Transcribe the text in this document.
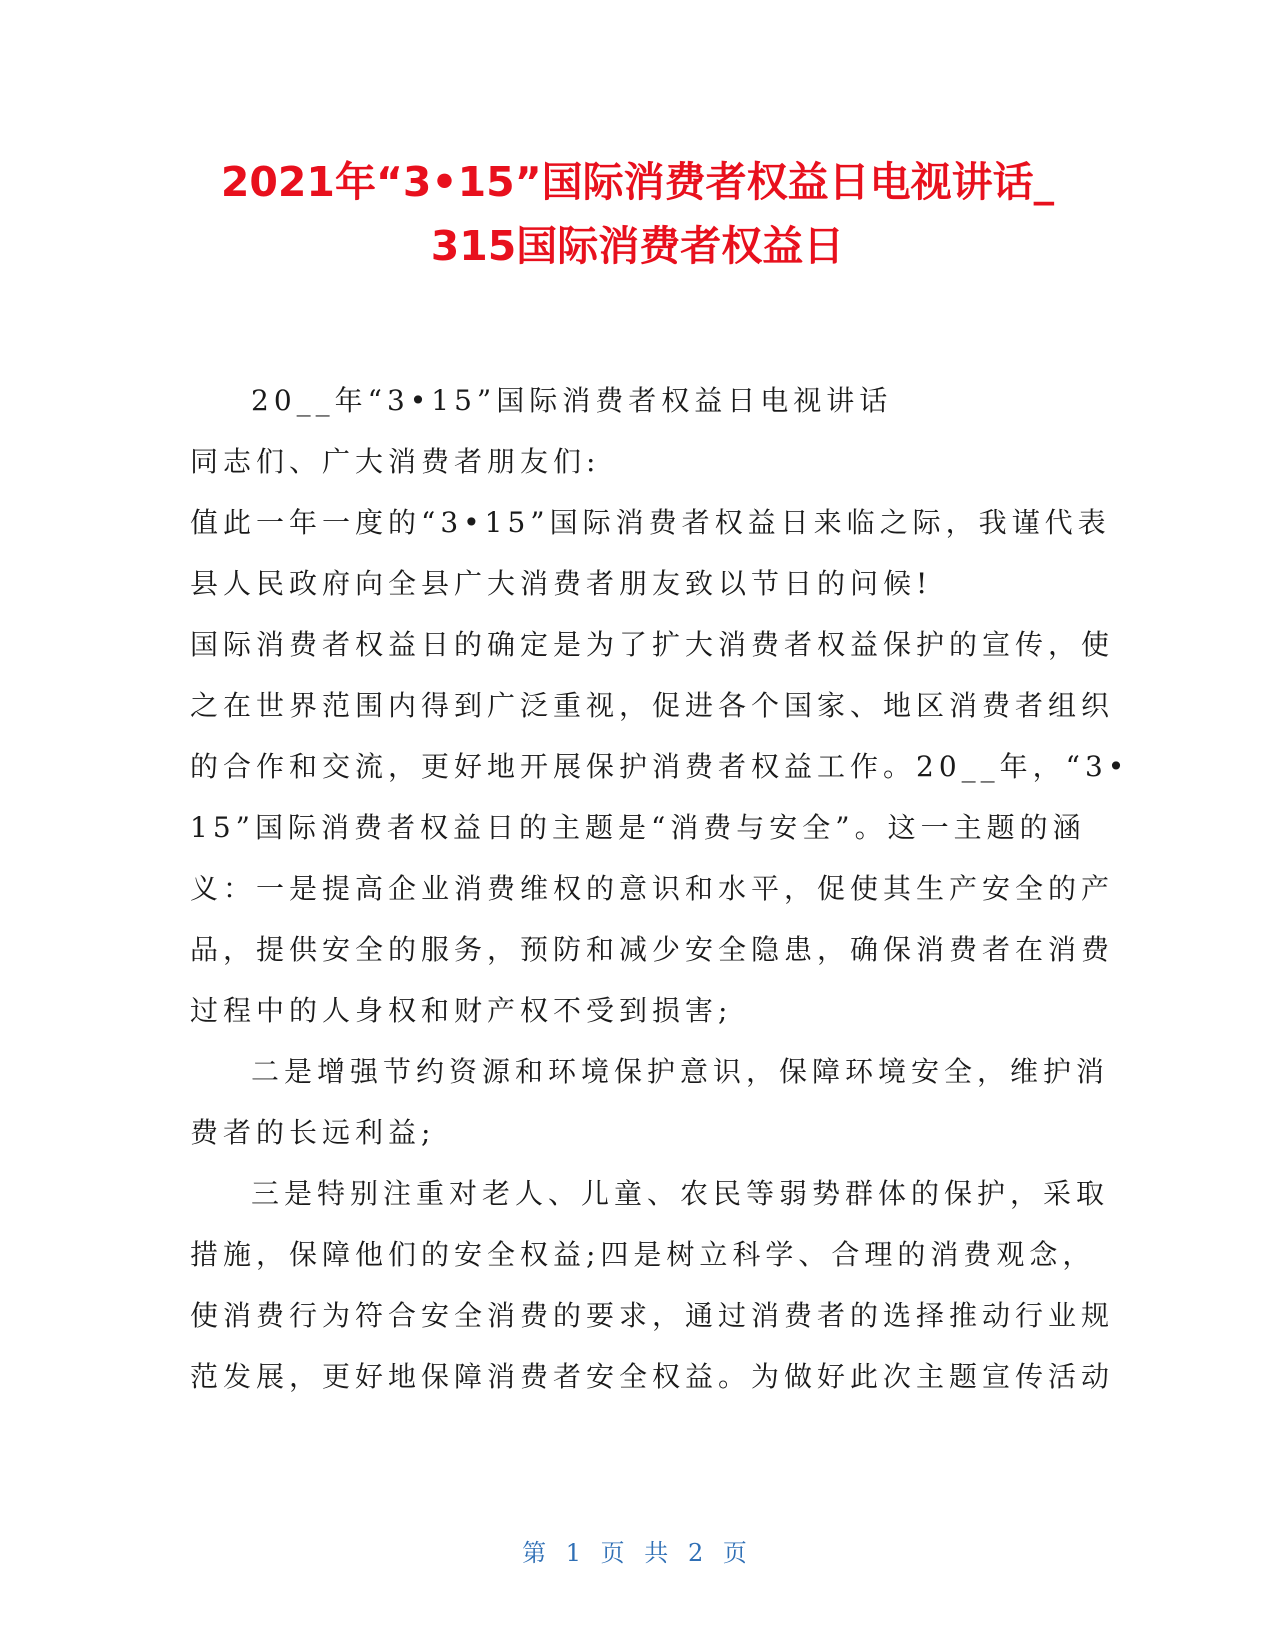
2021年“3•15”国际消费者权益日电视讲话_
315国际消费者权益日
20__年“3•15”国际消费者权益日电视讲话
同志们、广大消费者朋友们:
值此一年一度的“3•15”国际消费者权益日来临之际，我谨代表
县人民政府向全县广大消费者朋友致以节日的问候!
国际消费者权益日的确定是为了扩大消费者权益保护的宣传，使
之在世界范围内得到广泛重视，促进各个国家、地区消费者组织
的合作和交流，更好地开展保护消费者权益工作。20__年，“3•
15”国际消费者权益日的主题是“消费与安全”。这一主题的涵
义：一是提高企业消费维权的意识和水平，促使其生产安全的产
品，提供安全的服务，预防和减少安全隐患，确保消费者在消费
过程中的人身权和财产权不受到损害;
二是增强节约资源和环境保护意识，保障环境安全，维护消
费者的长远利益;
三是特别注重对老人、儿童、农民等弱势群体的保护，采取
措施，保障他们的安全权益;四是树立科学、合理的消费观念，
使消费行为符合安全消费的要求，通过消费者的选择推动行业规
范发展，更好地保障消费者安全权益。为做好此次主题宣传活动
第 1 页 共 2 页
